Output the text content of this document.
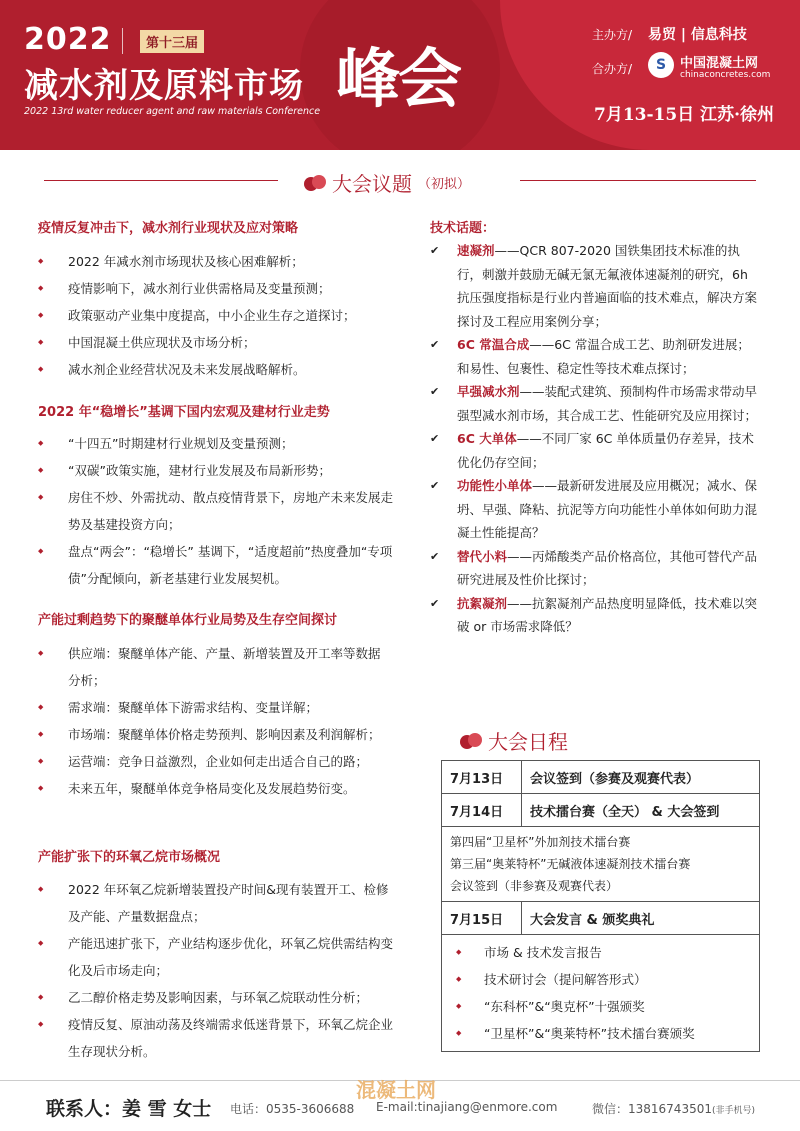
2022	第十三届
减水剂及原料市场 峰会
2022 13rd water reducer agent and raw materials Conference
主办方/ 易贸 | 信息科技
合办方/	S	中国混凝土网
chinaconcretes.com
7月13-15日 江苏·徐州
大会议题 （初拟）
疫情反复冲击下，减水剂行业现状及应对策略
◆ 2022 年减水剂市场现状及核心困难解析；
◆ 疫情影响下，减水剂行业供需格局及变量预测；
◆ 政策驱动产业集中度提高，中小企业生存之道探讨；
◆ 中国混凝土供应现状及市场分析；
◆ 减水剂企业经营状况及未来发展战略解析。
2022 年“稳增长”基调下国内宏观及建材行业走势
◆ “十四五”时期建材行业规划及变量预测；
◆ “双碳”政策实施，建材行业发展及布局新形势；
◆ 房住不炒、外需扰动、散点疫情背景下，房地产未来发展走势及基建投资方向；
◆ 盘点“两会”：“稳增长” 基调下，“适度超前”热度叠加“专项债”分配倾向，新老基建行业发展契机。
产能过剩趋势下的聚醚单体行业局势及生存空间探讨
◆ 供应端：聚醚单体产能、产量、新增装置及开工率等数据分析；
◆ 需求端：聚醚单体下游需求结构、变量详解；
◆ 市场端：聚醚单体价格走势预判、影响因素及利润解析；
◆ 运营端：竞争日益激烈，企业如何走出适合自己的路；
◆ 未来五年，聚醚单体竞争格局变化及发展趋势衍变。
产能扩张下的环氧乙烷市场概况
◆ 2022 年环氧乙烷新增装置投产时间&现有装置开工、检修及产能、产量数据盘点；
◆ 产能迅速扩张下，产业结构逐步优化，环氧乙烷供需结构变化及后市场走向；
◆ 乙二醇价格走势及影响因素，与环氧乙烷联动性分析；
◆ 疫情反复、原油动荡及终端需求低迷背景下，环氧乙烷企业生存现状分析。
技术话题：
✔ 速凝剂——QCR 807-2020 国铁集团技术标准的执行，刺激并鼓励无碱无氯无氟液体速凝剂的研究，6h 抗压强度指标是行业内普遍面临的技术难点，解决方案探讨及工程应用案例分享；
✔ 6C 常温合成——6C 常温合成工艺、助剂研发进展；和易性、包裹性、稳定性等技术难点探讨；
✔ 早强减水剂——装配式建筑、预制构件市场需求带动早强型减水剂市场，其合成工艺、性能研究及应用探讨；
✔ 6C 大单体——不同厂家 6C 单体质量仍存差异，技术优化仍存空间；
✔ 功能性小单体——最新研发进展及应用概况；减水、保坍、早强、降粘、抗泥等方向功能性小单体如何助力混凝土性能提高？
✔ 替代小料——丙烯酸类产品价格高位，其他可替代产品研究进展及性价比探讨；
✔ 抗絮凝剂——抗絮凝剂产品热度明显降低，技术难以突破 or 市场需求降低？
大会日程
7月13日	会议签到（参赛及观赛代表）
7月14日	技术擂台赛（全天） & 大会签到
第四届“卫星杯”外加剂技术擂台赛
第三届“奥莱特杯”无碱液体速凝剂技术擂台赛
会议签到（非参赛及观赛代表）
7月15日	大会发言 & 颁奖典礼
◆ 市场 & 技术发言报告
◆ 技术研讨会（提问解答形式）
◆ “东科杯”&“奥克杯”十强颁奖
◆ “卫星杯”&“奥莱特杯”技术擂台赛颁奖
混凝土网
联系人：姜 雪 女士 电话：0535-3606688 E-mail:tinajiang@enmore.com	微信：13816743501(非手机号)
